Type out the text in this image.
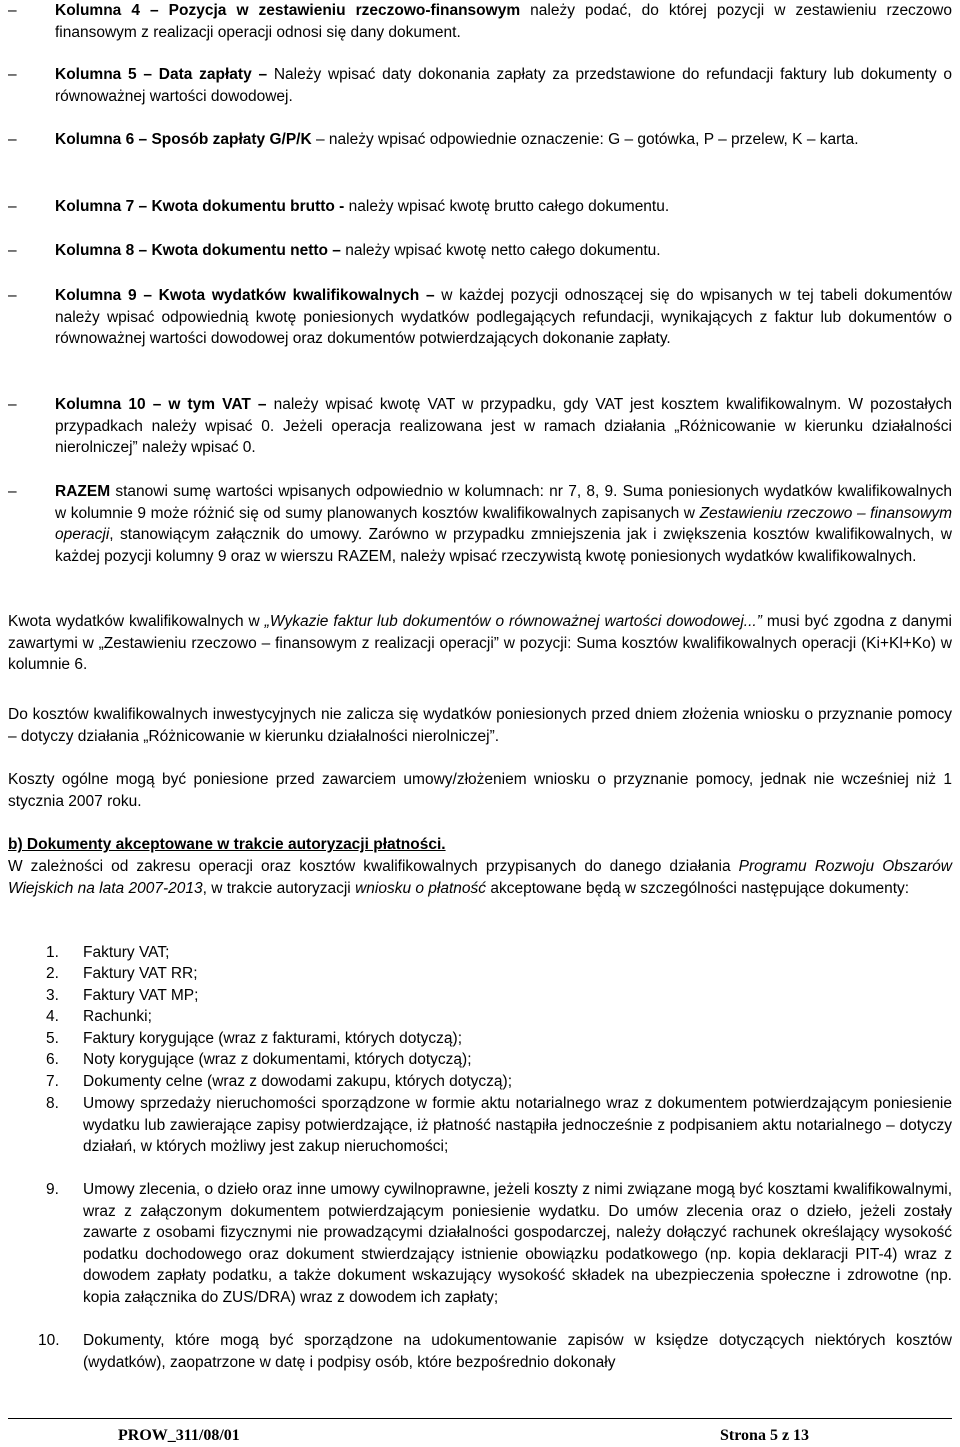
–	Kolumna 4 – Pozycja w zestawieniu rzeczowo-finansowym należy podać, do której pozycji w zestawieniu rzeczowo finansowym z realizacji operacji odnosi się dany dokument.
–	Kolumna 5 – Data zapłaty – Należy wpisać daty dokonania zapłaty za przedstawione do refundacji faktury lub dokumenty o równoważnej wartości dowodowej.
–	Kolumna 6 – Sposób zapłaty G/P/K – należy wpisać odpowiednie oznaczenie: G – gotówka, P – przelew, K – karta.
–	Kolumna 7 – Kwota dokumentu brutto - należy wpisać kwotę brutto całego dokumentu.
–	Kolumna 8 – Kwota dokumentu netto – należy wpisać kwotę netto całego dokumentu.
–	Kolumna 9 – Kwota wydatków kwalifikowalnych – w każdej pozycji odnoszącej się do wpisanych w tej tabeli dokumentów należy wpisać odpowiednią kwotę poniesionych wydatków podlegających refundacji, wynikających z faktur lub dokumentów o równoważnej wartości dowodowej oraz dokumentów potwierdzających dokonanie zapłaty.
–	Kolumna 10 – w tym VAT – należy wpisać kwotę VAT w przypadku, gdy VAT jest kosztem kwalifikowalnym. W pozostałych przypadkach należy wpisać 0. Jeżeli operacja realizowana jest w ramach działania „Różnicowanie w kierunku działalności nierolniczej” należy wpisać 0.
–	RAZEM stanowi sumę wartości wpisanych odpowiednio w kolumnach: nr 7, 8, 9. Suma poniesionych wydatków kwalifikowalnych w kolumnie 9 może różnić się od sumy planowanych kosztów kwalifikowalnych zapisanych w Zestawieniu rzeczowo – finansowym operacji, stanowiącym załącznik do umowy. Zarówno w przypadku zmniejszenia jak i zwiększenia kosztów kwalifikowalnych, w każdej pozycji kolumny 9 oraz w wierszu RAZEM, należy wpisać rzeczywistą kwotę poniesionych wydatków kwalifikowalnych.
Kwota wydatków kwalifikowalnych w „Wykazie faktur lub dokumentów o równoważnej wartości dowodowej...” musi być zgodna z danymi zawartymi w „Zestawieniu rzeczowo – finansowym z realizacji operacji” w pozycji: Suma kosztów kwalifikowalnych operacji (Ki+Kl+Ko) w kolumnie 6.
Do kosztów kwalifikowalnych inwestycyjnych nie zalicza się wydatków poniesionych przed dniem złożenia wniosku o przyznanie pomocy – dotyczy działania „Różnicowanie w kierunku działalności nierolniczej”.
Koszty ogólne mogą być poniesione przed zawarciem umowy/złożeniem wniosku o przyznanie pomocy, jednak nie wcześniej niż 1 stycznia 2007 roku.
b) Dokumenty akceptowane w trakcie autoryzacji płatności.
W zależności od zakresu operacji oraz kosztów kwalifikowalnych przypisanych do danego działania Programu Rozwoju Obszarów Wiejskich na lata 2007-2013, w trakcie autoryzacji wniosku o płatność akceptowane będą w szczególności następujące dokumenty:
1.	Faktury VAT;
2.	Faktury VAT RR;
3.	Faktury VAT MP;
4.	Rachunki;
5.	Faktury korygujące (wraz z fakturami, których dotyczą);
6.	Noty korygujące (wraz z dokumentami, których dotyczą);
7.	Dokumenty celne (wraz z dowodami zakupu, których dotyczą);
8.	Umowy sprzedaży nieruchomości sporządzone w formie aktu notarialnego wraz z dokumentem potwierdzającym poniesienie wydatku lub zawierające zapisy potwierdzające, iż płatność nastąpiła jednocześnie z podpisaniem aktu notarialnego – dotyczy działań, w których możliwy jest zakup nieruchomości;
9.	Umowy zlecenia, o dzieło oraz inne umowy cywilnoprawne, jeżeli koszty z nimi związane mogą być kosztami kwalifikowalnymi, wraz z załączonym dokumentem potwierdzającym poniesienie wydatku. Do umów zlecenia oraz o dzieło, jeżeli zostały zawarte z osobami fizycznymi nie prowadzącymi działalności gospodarczej, należy dołączyć rachunek określający wysokość podatku dochodowego oraz dokument stwierdzający istnienie obowiązku podatkowego (np. kopia deklaracji PIT-4) wraz z dowodem zapłaty podatku, a także dokument wskazujący wysokość składek na ubezpieczenia społeczne i zdrowotne (np. kopia załącznika do ZUS/DRA) wraz z dowodem ich zapłaty;
10.	Dokumenty, które mogą być sporządzone na udokumentowanie zapisów w księdze dotyczących niektórych kosztów (wydatków), zaopatrzone w datę i podpisy osób, które bezpośrednio dokonały
PROW_311/08/01	Strona 5 z 13
